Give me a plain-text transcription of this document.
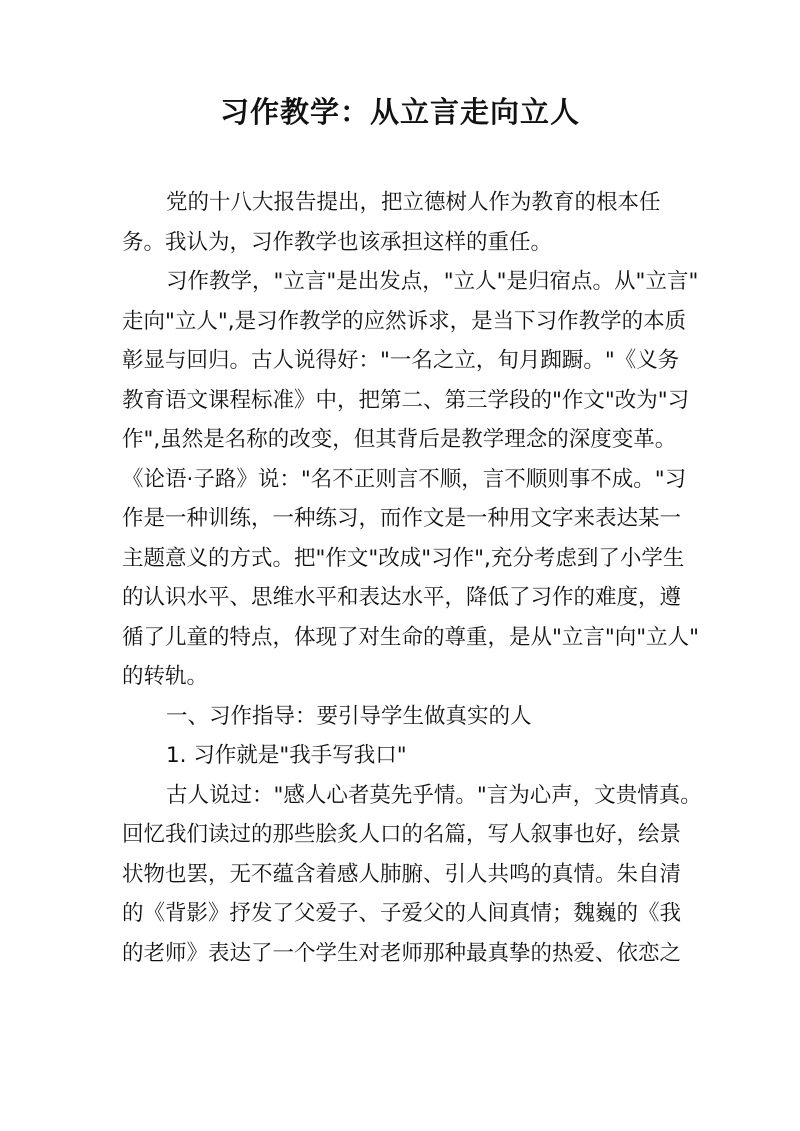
习作教学：从立言走向立人
党的十八大报告提出，把立德树人作为教育的根本任
务。我认为，习作教学也该承担这样的重任。
习作教学，"立言"是出发点，"立人"是归宿点。从"立言"
走向"立人",是习作教学的应然诉求，是当下习作教学的本质
彰显与回归。古人说得好："一名之立，旬月踟蹰。"《义务
教育语文课程标准》中，把第二、第三学段的"作文"改为"习
作",虽然是名称的改变，但其背后是教学理念的深度变革。
《论语·子路》说："名不正则言不顺，言不顺则事不成。"习
作是一种训练，一种练习，而作文是一种用文字来表达某一
主题意义的方式。把"作文"改成"习作",充分考虑到了小学生
的认识水平、思维水平和表达水平，降低了习作的难度，遵
循了儿童的特点，体现了对生命的尊重，是从"立言"向"立人"
的转轨。
一、习作指导：要引导学生做真实的人
1. 习作就是"我手写我口"
古人说过："感人心者莫先乎情。"言为心声，文贵情真。
回忆我们读过的那些脍炙人口的名篇，写人叙事也好，绘景
状物也罢，无不蕴含着感人肺腑、引人共鸣的真情。朱自清
的《背影》抒发了父爱子、子爱父的人间真情；魏巍的《我
的老师》表达了一个学生对老师那种最真挚的热爱、依恋之
